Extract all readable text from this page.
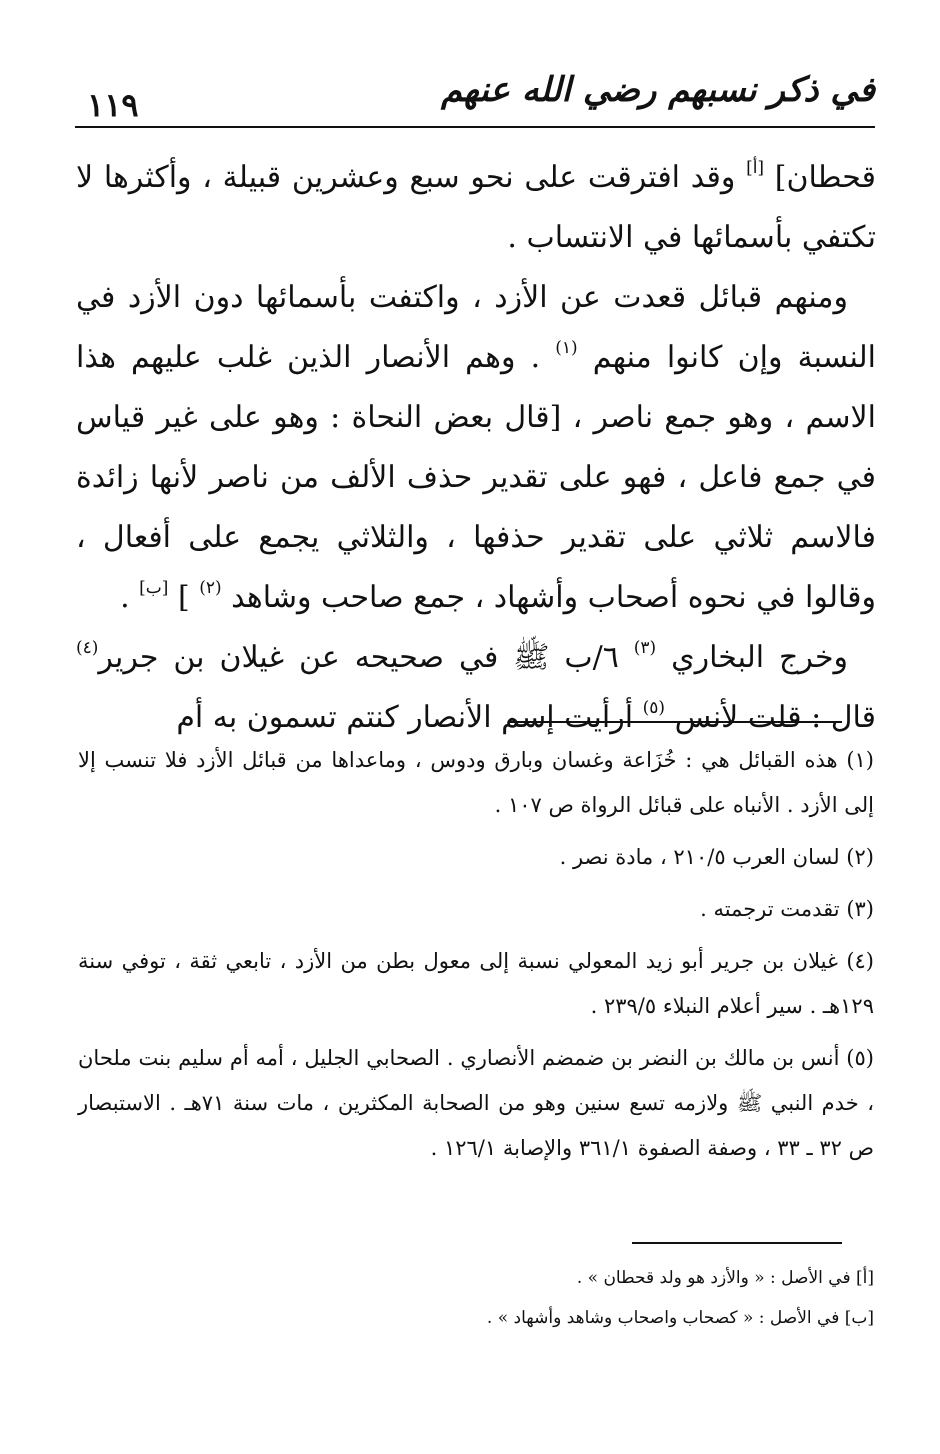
١١٩	في ذكر نسبهم رضي الله عنهم

قحطان] [أ] وقد افترقت على نحو سبع وعشرين قبيلة ، وأكثرها لا تكتفي بأسمائها في الانتساب .

ومنهم قبائل قعدت عن الأزد ، واكتفت بأسمائها دون الأزد في النسبة وإن كانوا منهم $^{(١)}$ . وهم الأنصار الذين غلب عليهم هذا الاسم ، وهو جمع ناصر ، [قال بعض النحاة : وهو على غير قياس في جمع فاعل ، فهو على تقدير حذف الألف من ناصر لأنها زائدة فالاسم ثلاثي على تقدير حذفها ، والثلاثي يجمع على أفعال ، وقالوا في نحوه أصحاب وأشهاد ، جمع صاحب وشاهد $^{(٢)}$ ] [ب] .

وخرج البخاري $^{(٣)}$ ٦/ب ﷺ في صحيحه عن غيلان بن جرير$^{(٤)}$ قال : قلت لأنس $^{(٥)}$ أرأيت إسم الأنصار كنتم تسمون به أم

(١) هذه القبائل هي : خُزَاعة وغسان وبارق ودوس ، وماعداها من قبائل الأزد فلا تنسب إلا إلى الأزد . الأنباه على قبائل الرواة ص ١٠٧ .

(٢) لسان العرب ٢١٠/٥ ، مادة نصر .

(٣) تقدمت ترجمته .

(٤) غيلان بن جرير أبو زيد المعولي نسبة إلى معول بطن من الأزد ، تابعي ثقة ، توفي سنة ١٢٩هـ . سير أعلام النبلاء ٢٣٩/٥ .

(٥) أنس بن مالك بن النضر بن ضمضم الأنصاري . الصحابي الجليل ، أمه أم سليم بنت ملحان ، خدم النبي ﷺ ولازمه تسع سنين وهو من الصحابة المكثرين ، مات سنة ٧١هـ . الاستبصار ص ٣٢ ـ ٣٣ ، وصفة الصفوة ٣٦١/١ والإصابة ١٢٦/١ .

[أ] في الأصل : « والأزد هو ولد قحطان » .

[ب] في الأصل : « كصحاب واصحاب وشاهد وأشهاد » .
